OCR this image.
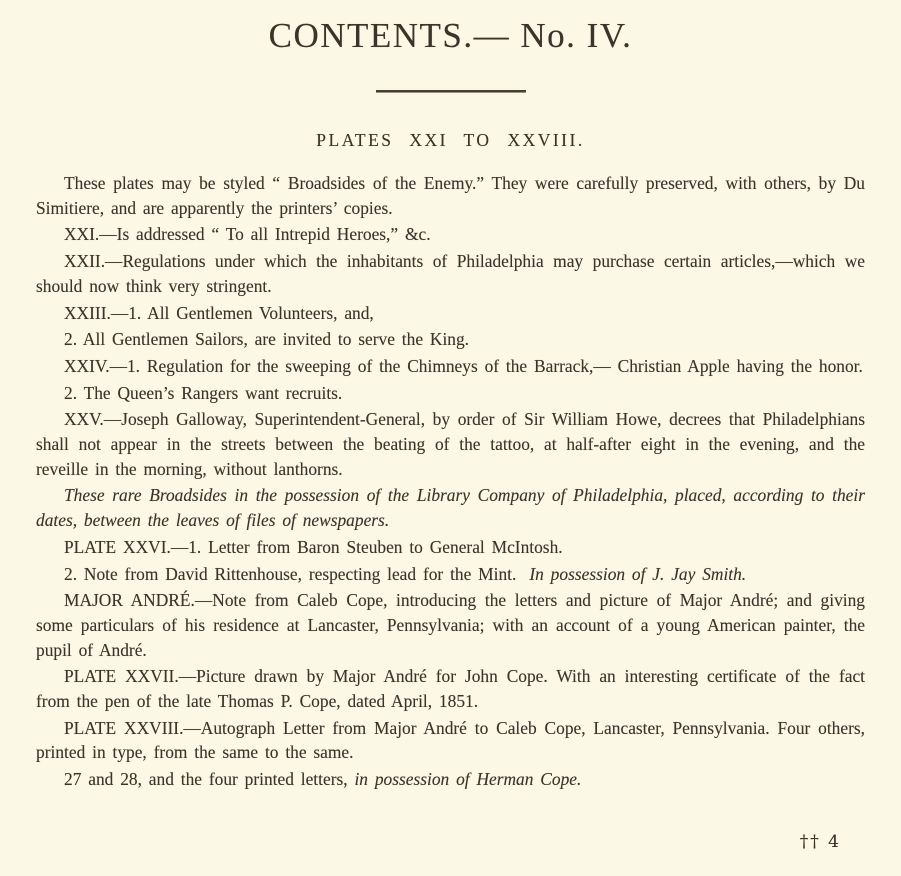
CONTENTS.— No. IV.
PLATES XXI TO XXVIII.

These plates may be styled “ Broadsides of the Enemy.” They were carefully preserved, with others, by Du Simitiere, and are apparently the printers’ copies.

XXI.—Is addressed “ To all Intrepid Heroes,” &c.

XXII.—Regulations under which the inhabitants of Philadelphia may purchase certain articles,—which we should now think very stringent.

XXIII.—1. All Gentlemen Volunteers, and,

2. All Gentlemen Sailors, are invited to serve the King.

XXIV.—1. Regulation for the sweeping of the Chimneys of the Barrack,— Christian Apple having the honor.

2. The Queen’s Rangers want recruits.

XXV.—Joseph Galloway, Superintendent-General, by order of Sir William Howe, decrees that Philadelphians shall not appear in the streets between the beating of the tattoo, at half-after eight in the evening, and the reveille in the morning, without lanthorns.

These rare Broadsides in the possession of the Library Company of Philadelphia, placed, according to their dates, between the leaves of files of newspapers.

PLATE XXVI.—1. Letter from Baron Steuben to General McIntosh.

2. Note from David Rittenhouse, respecting lead for the Mint. In possession of J. Jay Smith.

MAJOR ANDRÉ.—Note from Caleb Cope, introducing the letters and picture of Major André; and giving some particulars of his residence at Lancaster, Pennsylvania; with an account of a young American painter, the pupil of André.

PLATE XXVII.—Picture drawn by Major André for John Cope. With an interesting certificate of the fact from the pen of the late Thomas P. Cope, dated April, 1851.

PLATE XXVIII.—Autograph Letter from Major André to Caleb Cope, Lancaster, Pennsylvania. Four others, printed in type, from the same to the same.

27 and 28, and the four printed letters, in possession of Herman Cope.

†† 4
